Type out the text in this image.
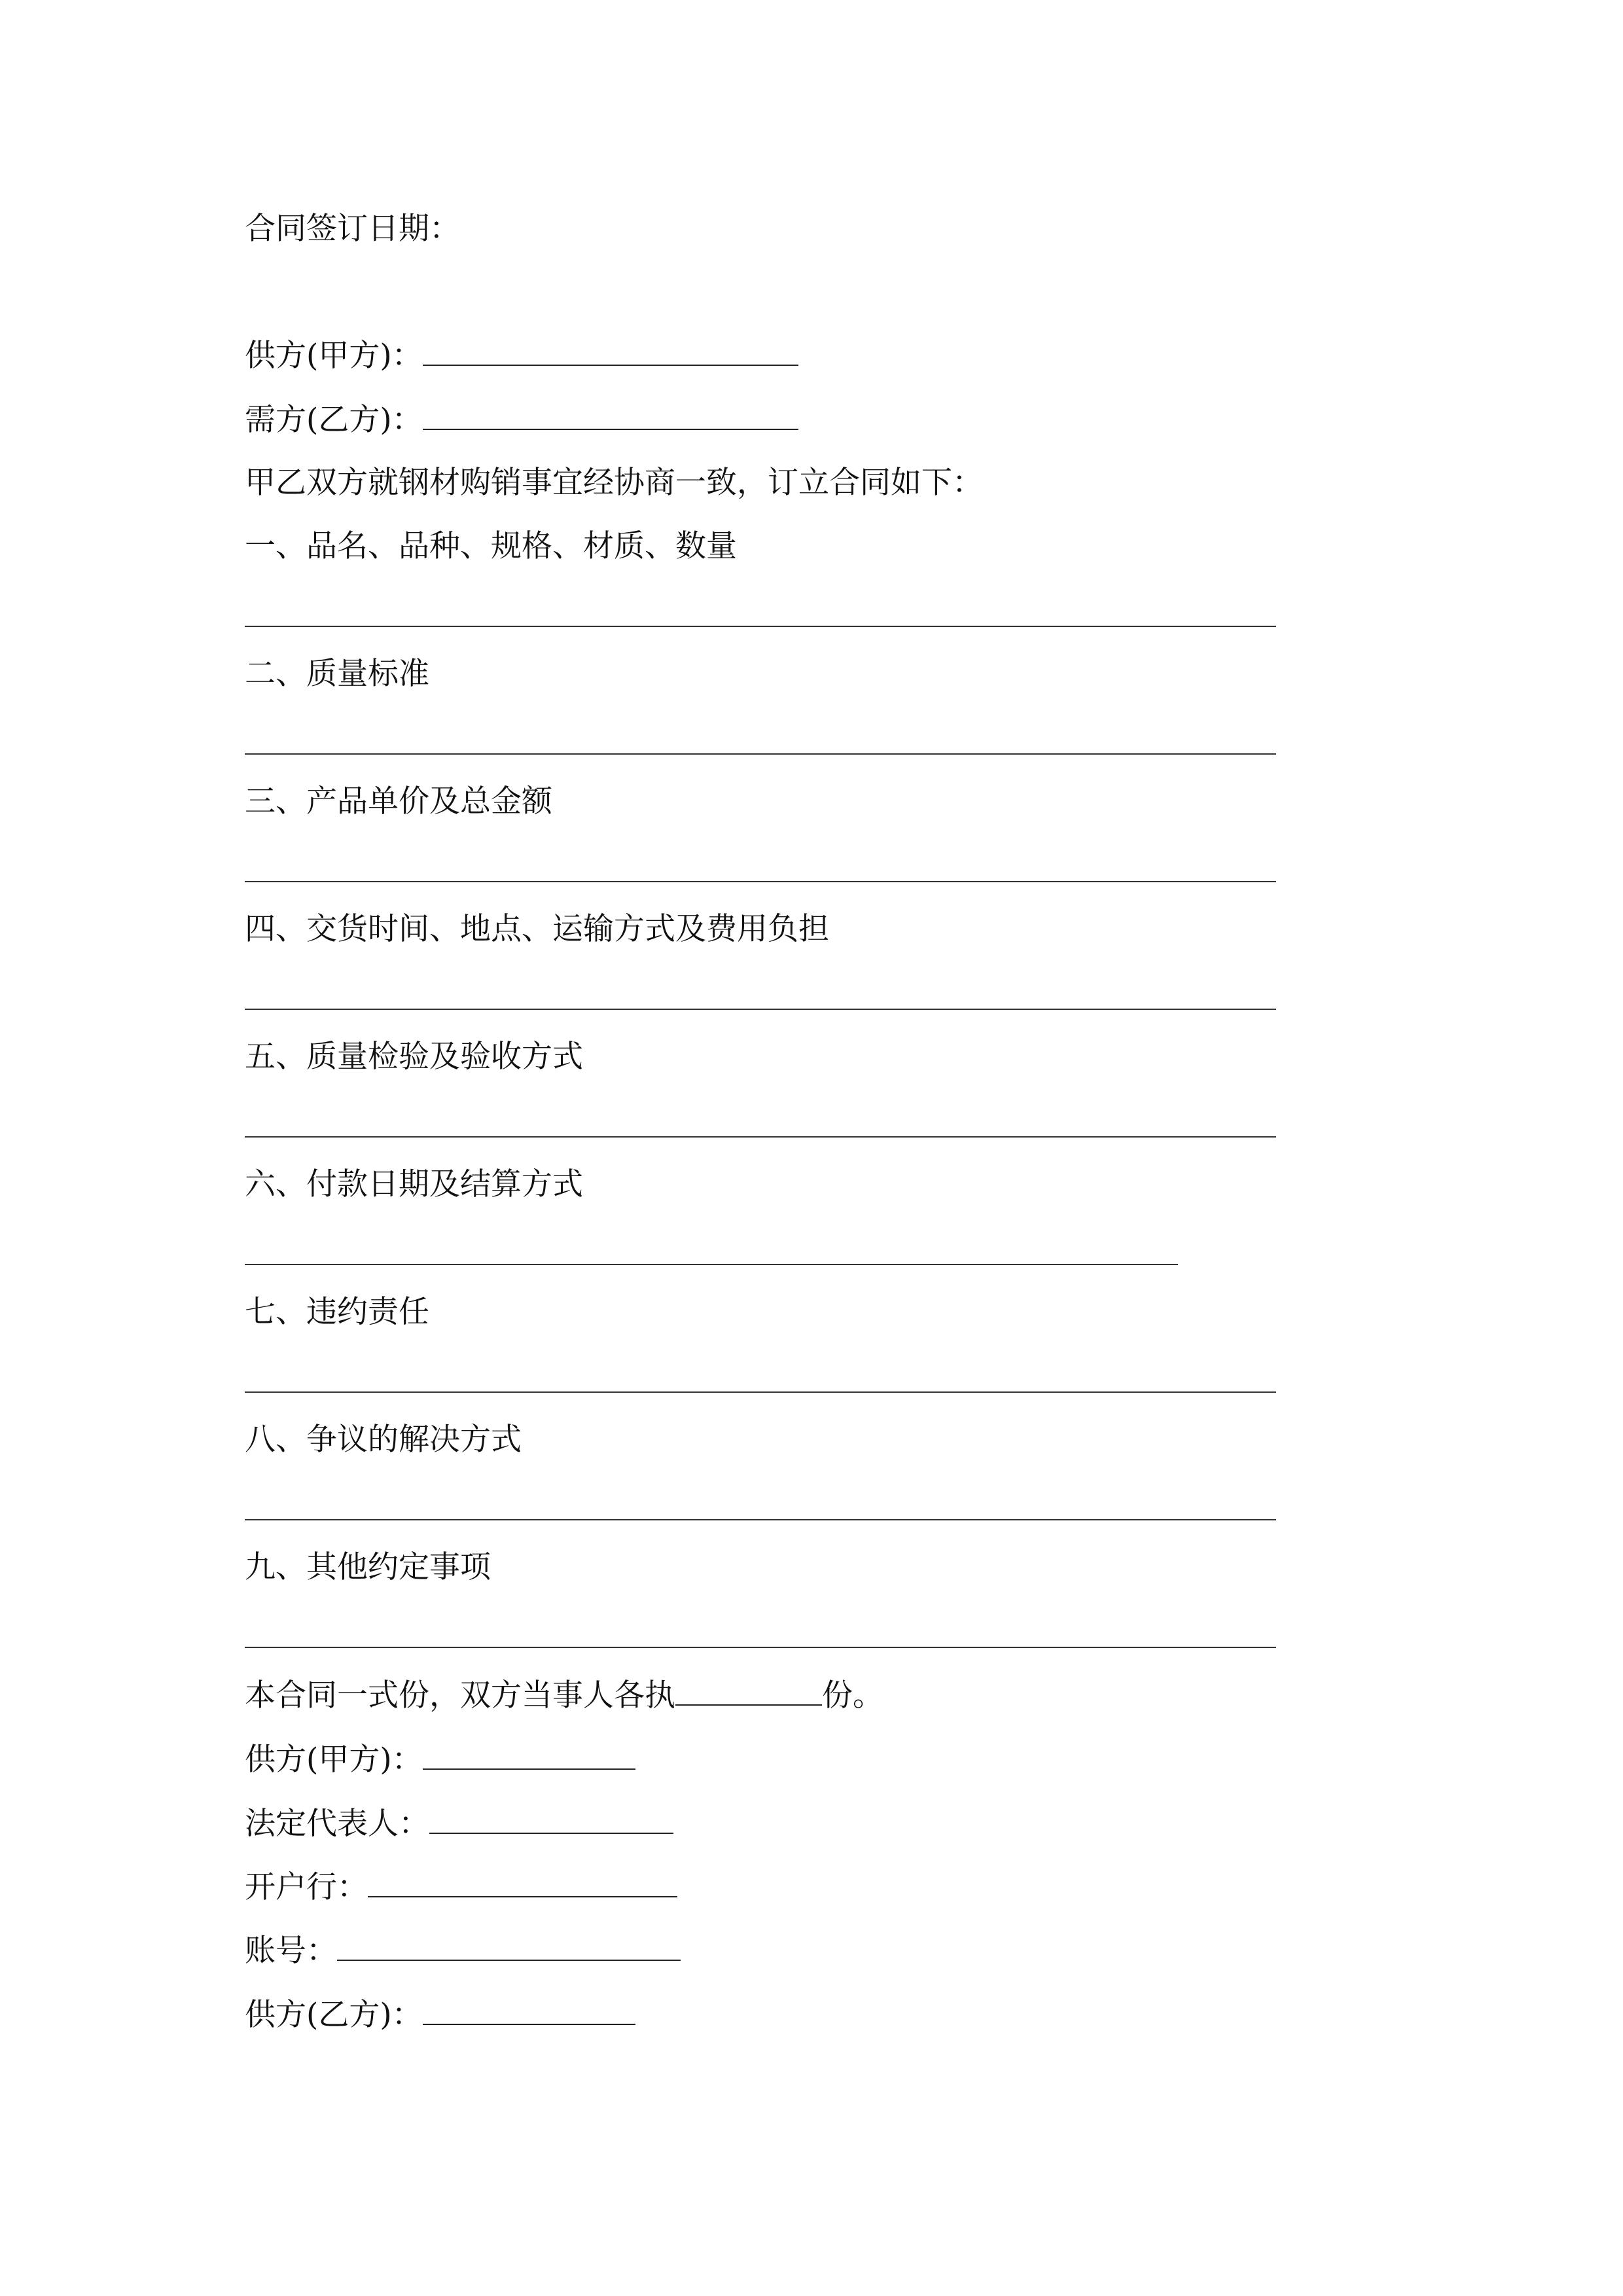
合同签订日期：
供方(甲方)：
需方(乙方)：
甲乙双方就钢材购销事宜经协商一致，订立合同如下：
一、品名、品种、规格、材质、数量
二、质量标准
三、产品单价及总金额
四、交货时间、地点、运输方式及费用负担
五、质量检验及验收方式
六、付款日期及结算方式
七、违约责任
八、争议的解决方式
九、其他约定事项
本合同一式份，双方当事人各执	份。
供方(甲方)：
法定代表人：
开户行：
账号：
供方(乙方)：
